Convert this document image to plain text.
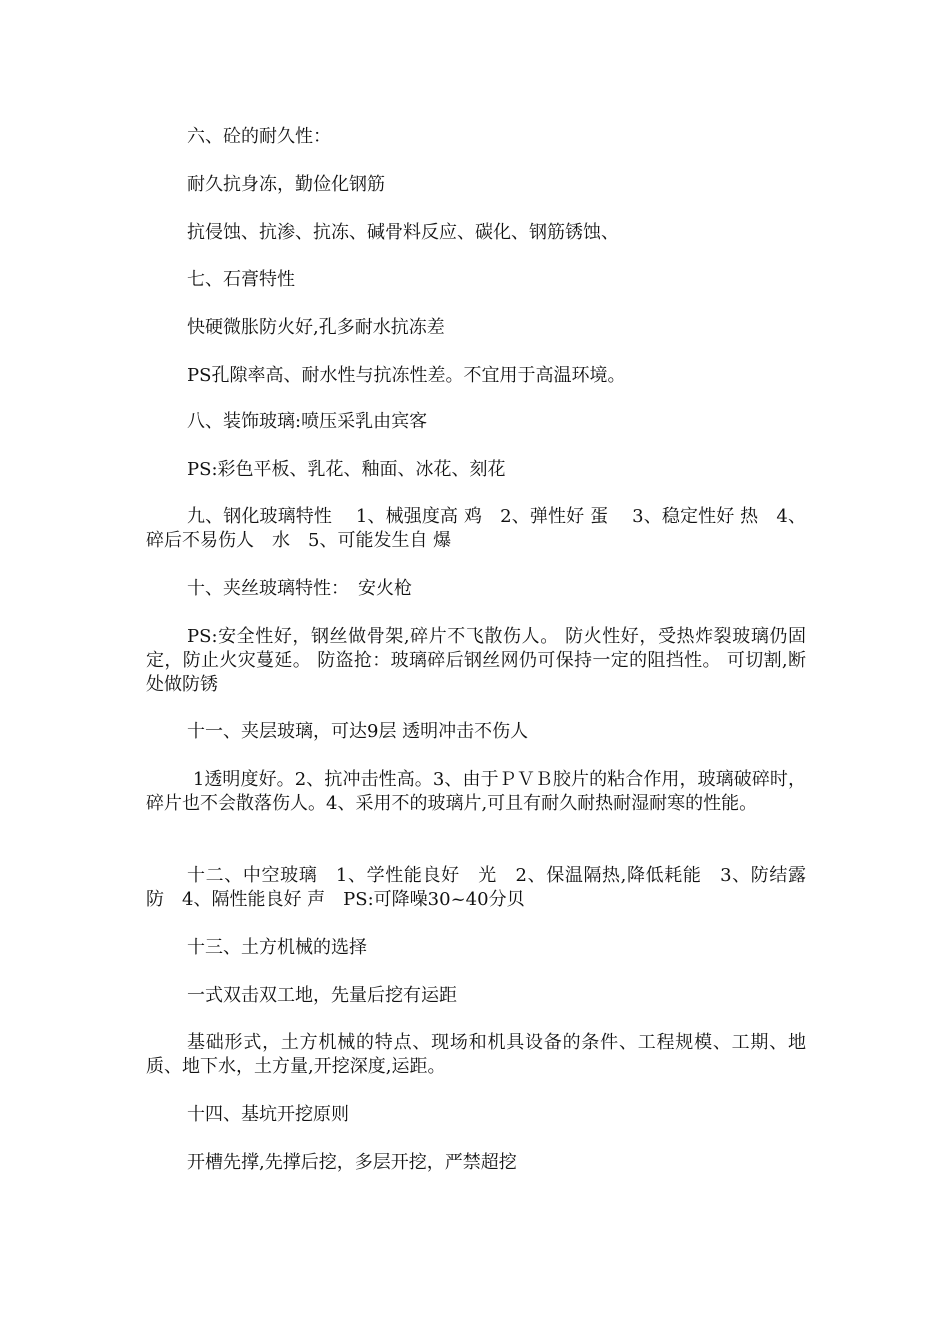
六、砼的耐久性：

耐久抗身冻，勤俭化钢筋

抗侵蚀、抗渗、抗冻、碱骨料反应、碳化、钢筋锈蚀、

七、石膏特性

快硬微胀防火好,孔多耐水抗冻差

PS孔隙率高、耐水性与抗冻性差。不宜用于高温环境。

八、装饰玻璃:喷压采乳由宾客

PS:彩色平板、乳花、釉面、冰花、刻花

九、钢化玻璃特性　 1、械强度高 鸡　2、弹性好 蛋　 3、稳定性好 热　4、碎后不易伤人　水　5、可能发生自 爆

十、夹丝玻璃特性：　安火枪

PS:安全性好，钢丝做骨架,碎片不飞散伤人。 防火性好，受热炸裂玻璃仍固定，防止火灾蔓延。 防盗抢：玻璃碎后钢丝网仍可保持一定的阻挡性。 可切割,断处做防锈

十一、夹层玻璃，可达9层 透明冲击不伤人

1透明度好。2、抗冲击性高。3、由于ＰＶＢ胶片的粘合作用，玻璃破碎时，碎片也不会散落伤人。4、采用不的玻璃片,可且有耐久耐热耐湿耐寒的性能。

十二、中空玻璃　1、学性能良好　光　2、保温隔热,降低耗能　3、防结露　防　4、隔性能良好 声　PS:可降噪30~40分贝

十三、土方机械的选择

一式双击双工地，先量后挖有运距

基础形式，土方机械的特点、现场和机具设备的条件、工程规模、工期、地质、地下水，土方量,开挖深度,运距。

十四、基坑开挖原则

开槽先撑,先撑后挖，多层开挖，严禁超挖
